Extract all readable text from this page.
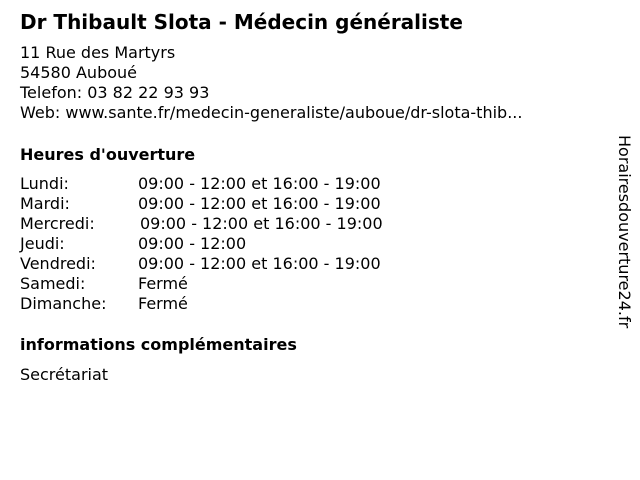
Dr Thibault Slota - Médecin généraliste
11 Rue des Martyrs
54580 Auboué
Telefon: 03 82 22 93 93
Web: www.sante.fr/medecin-generaliste/auboue/dr-slota-thib...
Heures d'ouverture
Lundi:	09:00 - 12:00 et 16:00 - 19:00
Mardi:	09:00 - 12:00 et 16:00 - 19:00
Mercredi:	09:00 - 12:00 et 16:00 - 19:00
Jeudi:	09:00 - 12:00
Vendredi:	09:00 - 12:00 et 16:00 - 19:00
Samedi:	Fermé
Dimanche:	Fermé
informations complémentaires
Secrétariat
Horairesdouverture24.fr
